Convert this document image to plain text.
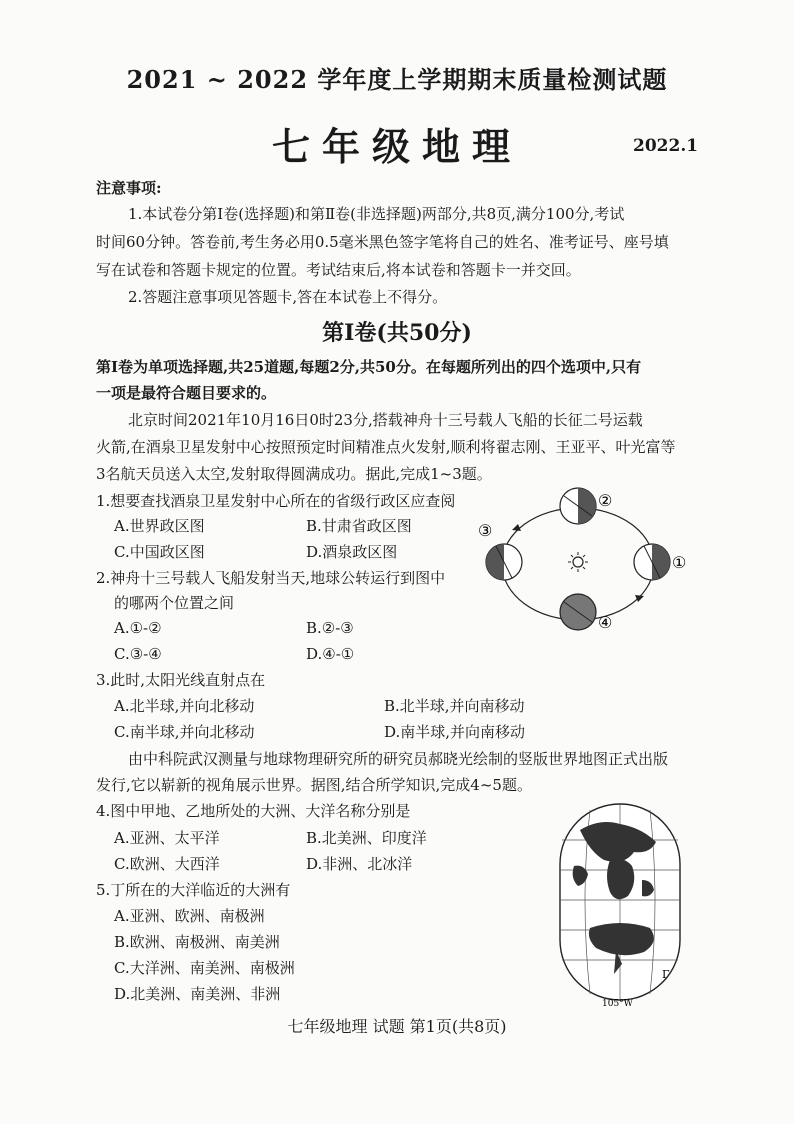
2021 ~ 2022 学年度上学期期末质量检测试题
七年级地理	2022.1
注意事项:
1.本试卷分第Ⅰ卷(选择题)和第Ⅱ卷(非选择题)两部分,共8页,满分100分,考试
时间60分钟。答卷前,考生务必用0.5毫米黑色签字笔将自己的姓名、准考证号、座号填
写在试卷和答题卡规定的位置。考试结束后,将本试卷和答题卡一并交回。
2.答题注意事项见答题卡,答在本试卷上不得分。
第Ⅰ卷(共50分)
第Ⅰ卷为单项选择题,共25道题,每题2分,共50分。在每题所列出的四个选项中,只有
一项是最符合题目要求的。
北京时间2021年10月16日0时23分,搭载神舟十三号载人飞船的长征二号运载
火箭,在酒泉卫星发射中心按照预定时间精准点火发射,顺利将翟志刚、王亚平、叶光富等
3名航天员送入太空,发射取得圆满成功。据此,完成1~3题。
1.想要查找酒泉卫星发射中心所在的省级行政区应查阅
A.世界政区图	B.甘肃省政区图
C.中国政区图	D.酒泉政区图
2.神舟十三号载人飞船发射当天,地球公转运行到图中
的哪两个位置之间
A.①-②	B.②-③
C.③-④	D.④-①
3.此时,太阳光线直射点在
A.北半球,并向北移动	B.北半球,并向南移动
C.南半球,并向北移动	D.南半球,并向南移动
由中科院武汉测量与地球物理研究所的研究员郝晓光绘制的竖版世界地图正式出版
发行,它以崭新的视角展示世界。据图,结合所学知识,完成4~5题。
4.图中甲地、乙地所处的大洲、大洋名称分别是
A.亚洲、太平洋	B.北美洲、印度洋
C.欧洲、大西洋	D.非洲、北冰洋
5.丁所在的大洋临近的大洲有
A.亚洲、欧洲、南极洲
B.欧洲、南极洲、南美洲
C.大洋洲、南美洲、南极洲
D.北美洲、南美洲、非洲
②
③
①
④
105°W
Γ
七年级地理 试题 第1页(共8页)
